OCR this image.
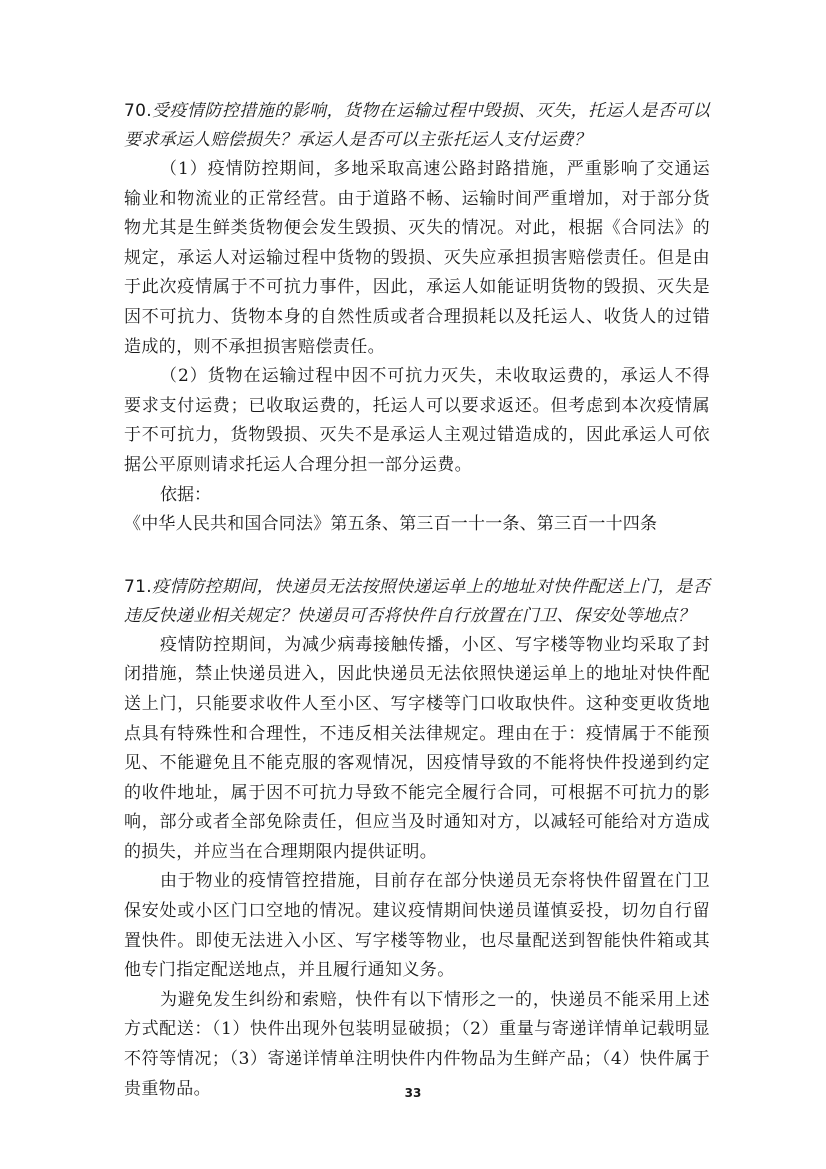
70.受疫情防控措施的影响，货物在运输过程中毁损、灭失，托运人是否可以要求承运人赔偿损失？承运人是否可以主张托运人支付运费？

（1）疫情防控期间，多地采取高速公路封路措施，严重影响了交通运输业和物流业的正常经营。由于道路不畅、运输时间严重增加，对于部分货物尤其是生鲜类货物便会发生毁损、灭失的情况。对此，根据《合同法》的规定，承运人对运输过程中货物的毁损、灭失应承担损害赔偿责任。但是由于此次疫情属于不可抗力事件，因此，承运人如能证明货物的毁损、灭失是因不可抗力、货物本身的自然性质或者合理损耗以及托运人、收货人的过错造成的，则不承担损害赔偿责任。

（2）货物在运输过程中因不可抗力灭失，未收取运费的，承运人不得要求支付运费；已收取运费的，托运人可以要求返还。但考虑到本次疫情属于不可抗力，货物毁损、灭失不是承运人主观过错造成的，因此承运人可依据公平原则请求托运人合理分担一部分运费。

依据：

《中华人民共和国合同法》第五条、第三百一十一条、第三百一十四条

71.疫情防控期间，快递员无法按照快递运单上的地址对快件配送上门，是否违反快递业相关规定？快递员可否将快件自行放置在门卫、保安处等地点？

疫情防控期间，为减少病毒接触传播，小区、写字楼等物业均采取了封闭措施，禁止快递员进入，因此快递员无法依照快递运单上的地址对快件配送上门，只能要求收件人至小区、写字楼等门口收取快件。这种变更收货地点具有特殊性和合理性，不违反相关法律规定。理由在于：疫情属于不能预见、不能避免且不能克服的客观情况，因疫情导致的不能将快件投递到约定的收件地址，属于因不可抗力导致不能完全履行合同，可根据不可抗力的影响，部分或者全部免除责任，但应当及时通知对方，以减轻可能给对方造成的损失，并应当在合理期限内提供证明。

由于物业的疫情管控措施，目前存在部分快递员无奈将快件留置在门卫保安处或小区门口空地的情况。建议疫情期间快递员谨慎妥投，切勿自行留置快件。即使无法进入小区、写字楼等物业，也尽量配送到智能快件箱或其他专门指定配送地点，并且履行通知义务。

为避免发生纠纷和索赔，快件有以下情形之一的，快递员不能采用上述方式配送：（1）快件出现外包装明显破损；（2）重量与寄递详情单记载明显不符等情况；（3）寄递详情单注明快件内件物品为生鲜产品；（4）快件属于贵重物品。	33
